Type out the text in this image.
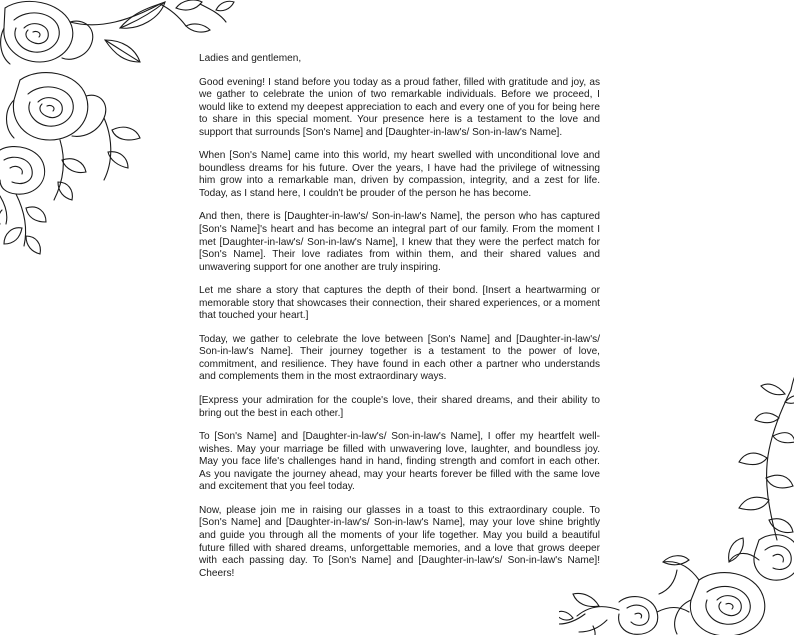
Ladies and gentlemen,

Good evening! I stand before you today as a proud father, filled with gratitude and joy, as we gather to celebrate the union of two remarkable individuals. Before we proceed, I would like to extend my deepest appreciation to each and every one of you for being here to share in this special moment. Your presence here is a testament to the love and support that surrounds [Son's Name] and [Daughter-in-law's/ Son-in-law's Name].

When [Son's Name] came into this world, my heart swelled with unconditional love and boundless dreams for his future. Over the years, I have had the privilege of witnessing him grow into a remarkable man, driven by compassion, integrity, and a zest for life. Today, as I stand here, I couldn't be prouder of the person he has become.

And then, there is [Daughter-in-law's/ Son-in-law's Name], the person who has captured [Son's Name]'s heart and has become an integral part of our family. From the moment I met [Daughter-in-law's/ Son-in-law's Name], I knew that they were the perfect match for [Son's Name]. Their love radiates from within them, and their shared values and unwavering support for one another are truly inspiring.

Let me share a story that captures the depth of their bond. [Insert a heartwarming or memorable story that showcases their connection, their shared experiences, or a moment that touched your heart.]

Today, we gather to celebrate the love between [Son's Name] and [Daughter-in-law's/ Son-in-law's Name]. Their journey together is a testament to the power of love, commitment, and resilience. They have found in each other a partner who understands and complements them in the most extraordinary ways.

[Express your admiration for the couple's love, their shared dreams, and their ability to bring out the best in each other.]

To [Son's Name] and [Daughter-in-law's/ Son-in-law's Name], I offer my heartfelt well-wishes. May your marriage be filled with unwavering love, laughter, and boundless joy. May you face life's challenges hand in hand, finding strength and comfort in each other. As you navigate the journey ahead, may your hearts forever be filled with the same love and excitement that you feel today.

Now, please join me in raising our glasses in a toast to this extraordinary couple. To [Son's Name] and [Daughter-in-law's/ Son-in-law's Name], may your love shine brightly and guide you through all the moments of your life together. May you build a beautiful future filled with shared dreams, unforgettable memories, and a love that grows deeper with each passing day. To [Son's Name] and [Daughter-in-law's/ Son-in-law's Name]! Cheers!
